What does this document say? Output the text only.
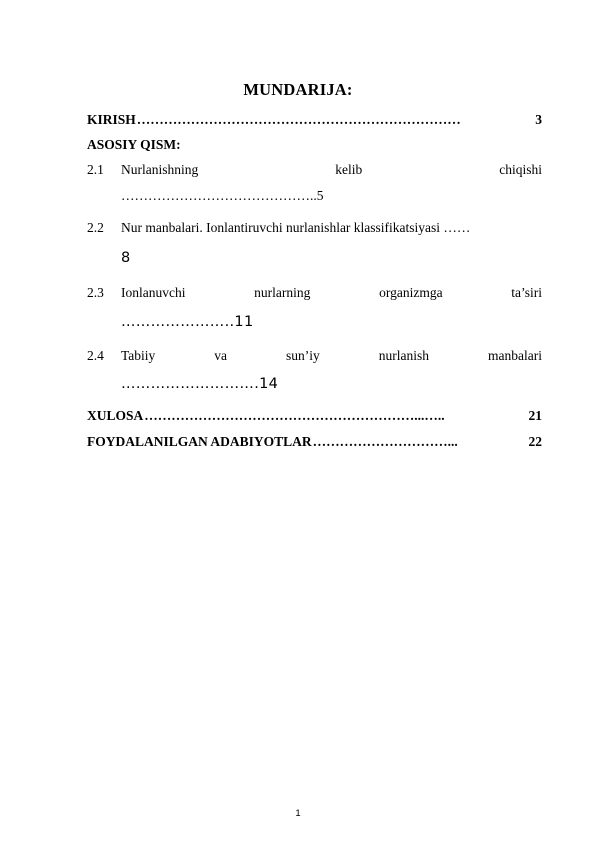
MUNDARIJA:
KIRISH ………………………………………………………………	3
ASOSIY QISM:
2.1 Nurlanishning	kelib	chiqishi
……………………………………..5
2.2 Nur manbalari. Ionlantiruvchi nurlanishlar klassifikatsiyasi ……
8
2.3 Ionlanuvchi	nurlarning	organizmga	ta’siri
…………………..11
2.4 Tabiiy	va	sun’iy	nurlanish	manbalari
……………………….14
XULOSA ……………………………………………………...…..	21
FOYDALANILGAN ADABIYOTLAR …………………………...	22
1
